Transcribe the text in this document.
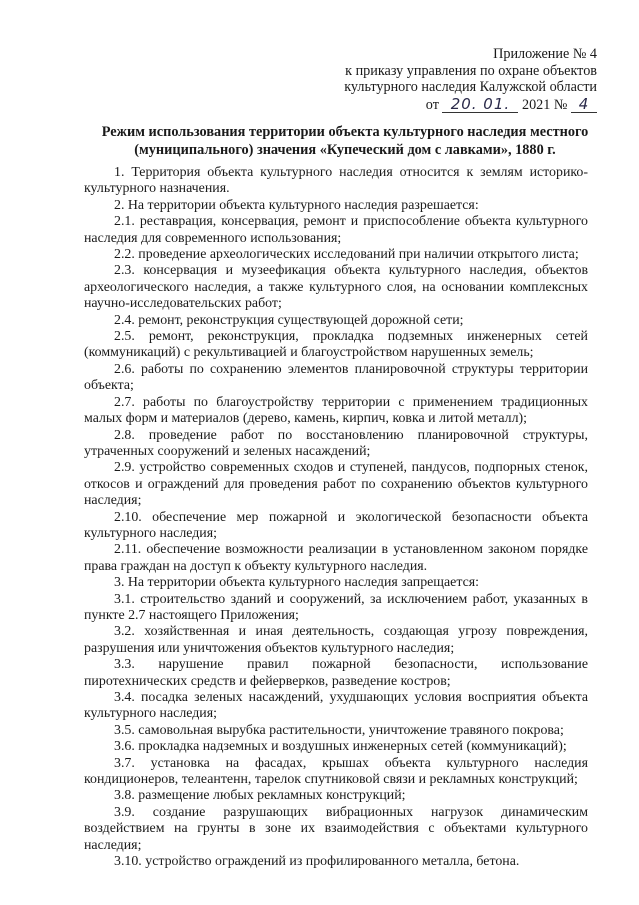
Приложение № 4
к приказу управления по охране объектов
культурного наследия Калужской области
от 20. 01. 2021 № 4
Режим использования территории объекта культурного наследия местного (муниципального) значения «Купеческий дом с лавками», 1880 г.

1. Территория объекта культурного наследия относится к землям историко-культурного назначения.

2. На территории объекта культурного наследия разрешается:

2.1. реставрация, консервация, ремонт и приспособление объекта культурного наследия для современного использования;

2.2. проведение археологических исследований при наличии открытого листа;

2.3. консервация и музеефикация объекта культурного наследия, объектов археологического наследия, а также культурного слоя, на основании комплексных научно-исследовательских работ;

2.4. ремонт, реконструкция существующей дорожной сети;

2.5. ремонт, реконструкция, прокладка подземных инженерных сетей (коммуникаций) с рекультивацией и благоустройством нарушенных земель;

2.6. работы по сохранению элементов планировочной структуры территории объекта;

2.7. работы по благоустройству территории с применением традиционных малых форм и материалов (дерево, камень, кирпич, ковка и литой металл);

2.8. проведение работ по восстановлению планировочной структуры, утраченных сооружений и зеленых насаждений;

2.9. устройство современных сходов и ступеней, пандусов, подпорных стенок, откосов и ограждений для проведения работ по сохранению объектов культурного наследия;

2.10. обеспечение мер пожарной и экологической безопасности объекта культурного наследия;

2.11. обеспечение возможности реализации в установленном законом порядке права граждан на доступ к объекту культурного наследия.

3. На территории объекта культурного наследия запрещается:

3.1. строительство зданий и сооружений, за исключением работ, указанных в пункте 2.7 настоящего Приложения;

3.2. хозяйственная и иная деятельность, создающая угрозу повреждения, разрушения или уничтожения объектов культурного наследия;

3.3. нарушение правил пожарной безопасности, использование пиротехнических средств и фейерверков, разведение костров;

3.4. посадка зеленых насаждений, ухудшающих условия восприятия объекта культурного наследия;

3.5. самовольная вырубка растительности, уничтожение травяного покрова;

3.6. прокладка надземных и воздушных инженерных сетей (коммуникаций);

3.7. установка на фасадах, крышах объекта культурного наследия кондиционеров, телеантенн, тарелок спутниковой связи и рекламных конструкций;

3.8. размещение любых рекламных конструкций;

3.9. создание разрушающих вибрационных нагрузок динамическим воздействием на грунты в зоне их взаимодействия с объектами культурного наследия;

3.10. устройство ограждений из профилированного металла, бетона.
